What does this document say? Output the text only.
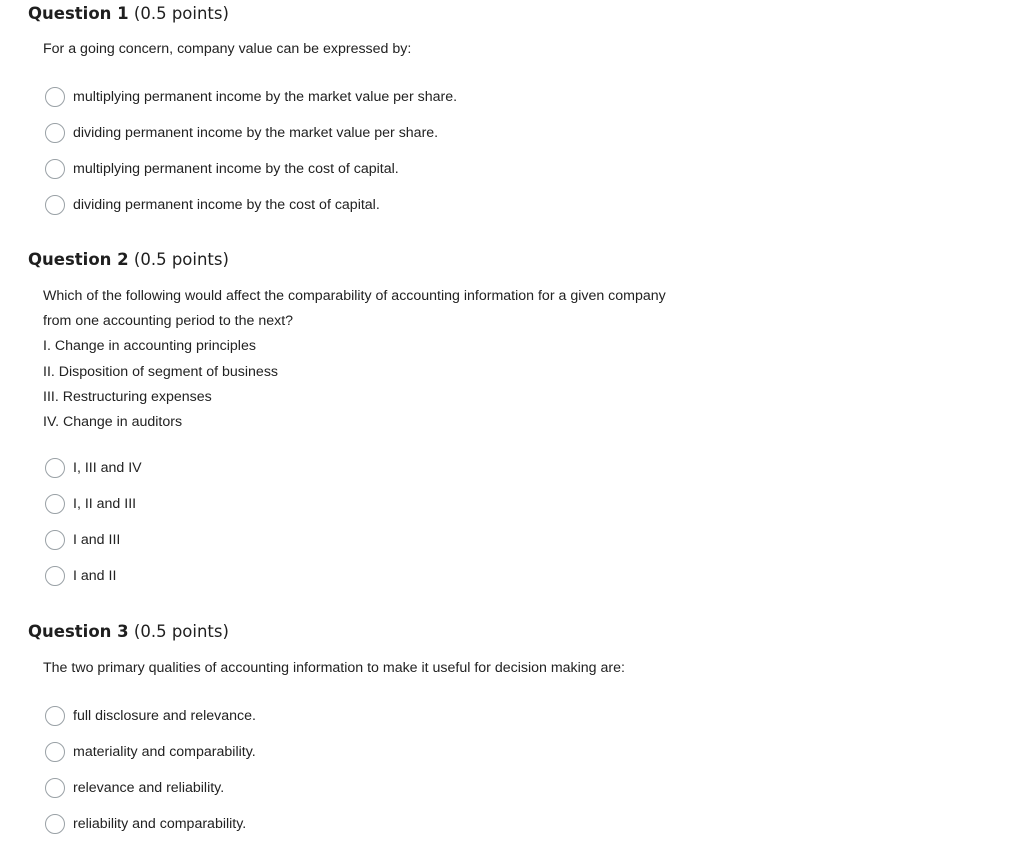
Question 1 (0.5 points)
For a going concern, company value can be expressed by:
multiplying permanent income by the market value per share.
dividing permanent income by the market value per share.
multiplying permanent income by the cost of capital.
dividing permanent income by the cost of capital.
Question 2 (0.5 points)
Which of the following would affect the comparability of accounting information for a given company
from one accounting period to the next?
I. Change in accounting principles
II. Disposition of segment of business
III. Restructuring expenses
IV. Change in auditors
I, III and IV
I, II and III
I and III
I and II
Question 3 (0.5 points)
The two primary qualities of accounting information to make it useful for decision making are:
full disclosure and relevance.
materiality and comparability.
relevance and reliability.
reliability and comparability.
